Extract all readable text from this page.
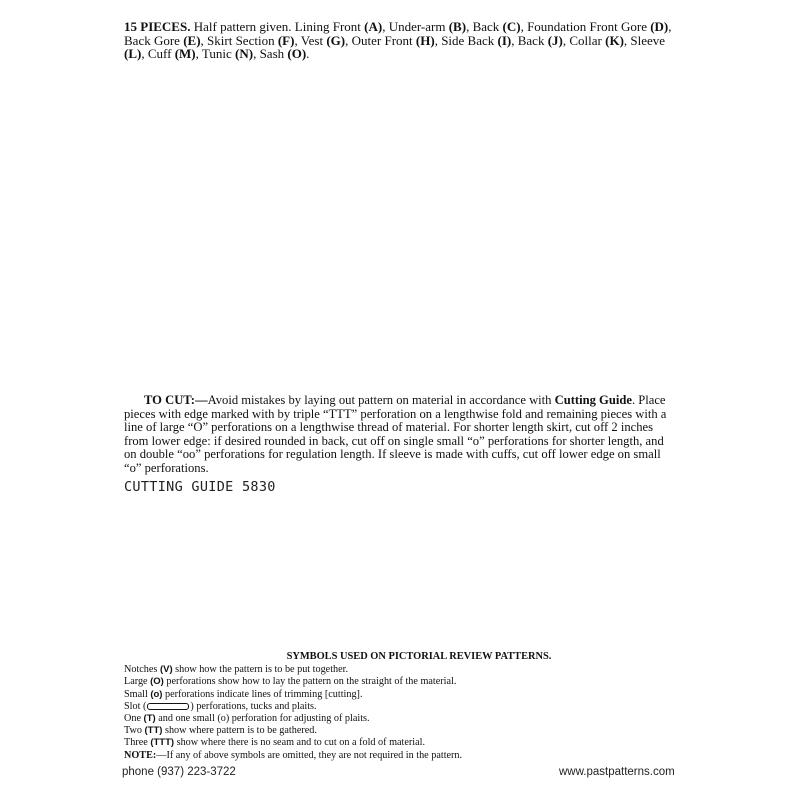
15 PIECES. Half pattern given. Lining Front (A), Under-arm (B), Back (C), Foundation Front Gore (D), Back Gore (E), Skirt Section (F), Vest (G), Outer Front (H), Side Back (I), Back (J), Collar (K), Sleeve (L), Cuff (M), Tunic (N), Sash (O).
TO CUT:—Avoid mistakes by laying out pattern on material in accordance with Cutting Guide. Place pieces with edge marked with by triple “TTT” perforation on a lengthwise fold and remaining pieces with a line of large “O” perforations on a lengthwise thread of material. For shorter length skirt, cut off 2 inches from lower edge: if desired rounded in back, cut off on single small “o” perforations for shorter length, and on double “oo” perforations for regulation length. If sleeve is made with cuffs, cut off lower edge on small “o” perforations.
CUTTING GUIDE 5830
SYMBOLS USED ON PICTORIAL REVIEW PATTERNS.
Notches (V) show how the pattern is to be put together.
Large (O) perforations show how to lay the pattern on the straight of the material.
Small (o) perforations indicate lines of trimming [cutting].
Slot (	) perforations, tucks and plaits.
One (T) and one small (o) perforation for adjusting of plaits.
Two (TT) show where pattern is to be gathered.
Three (TTT) show where there is no seam and to cut on a fold of material.
NOTE:—If any of above symbols are omitted, they are not required in the pattern.
phone (937) 223-3722	www.pastpatterns.com
